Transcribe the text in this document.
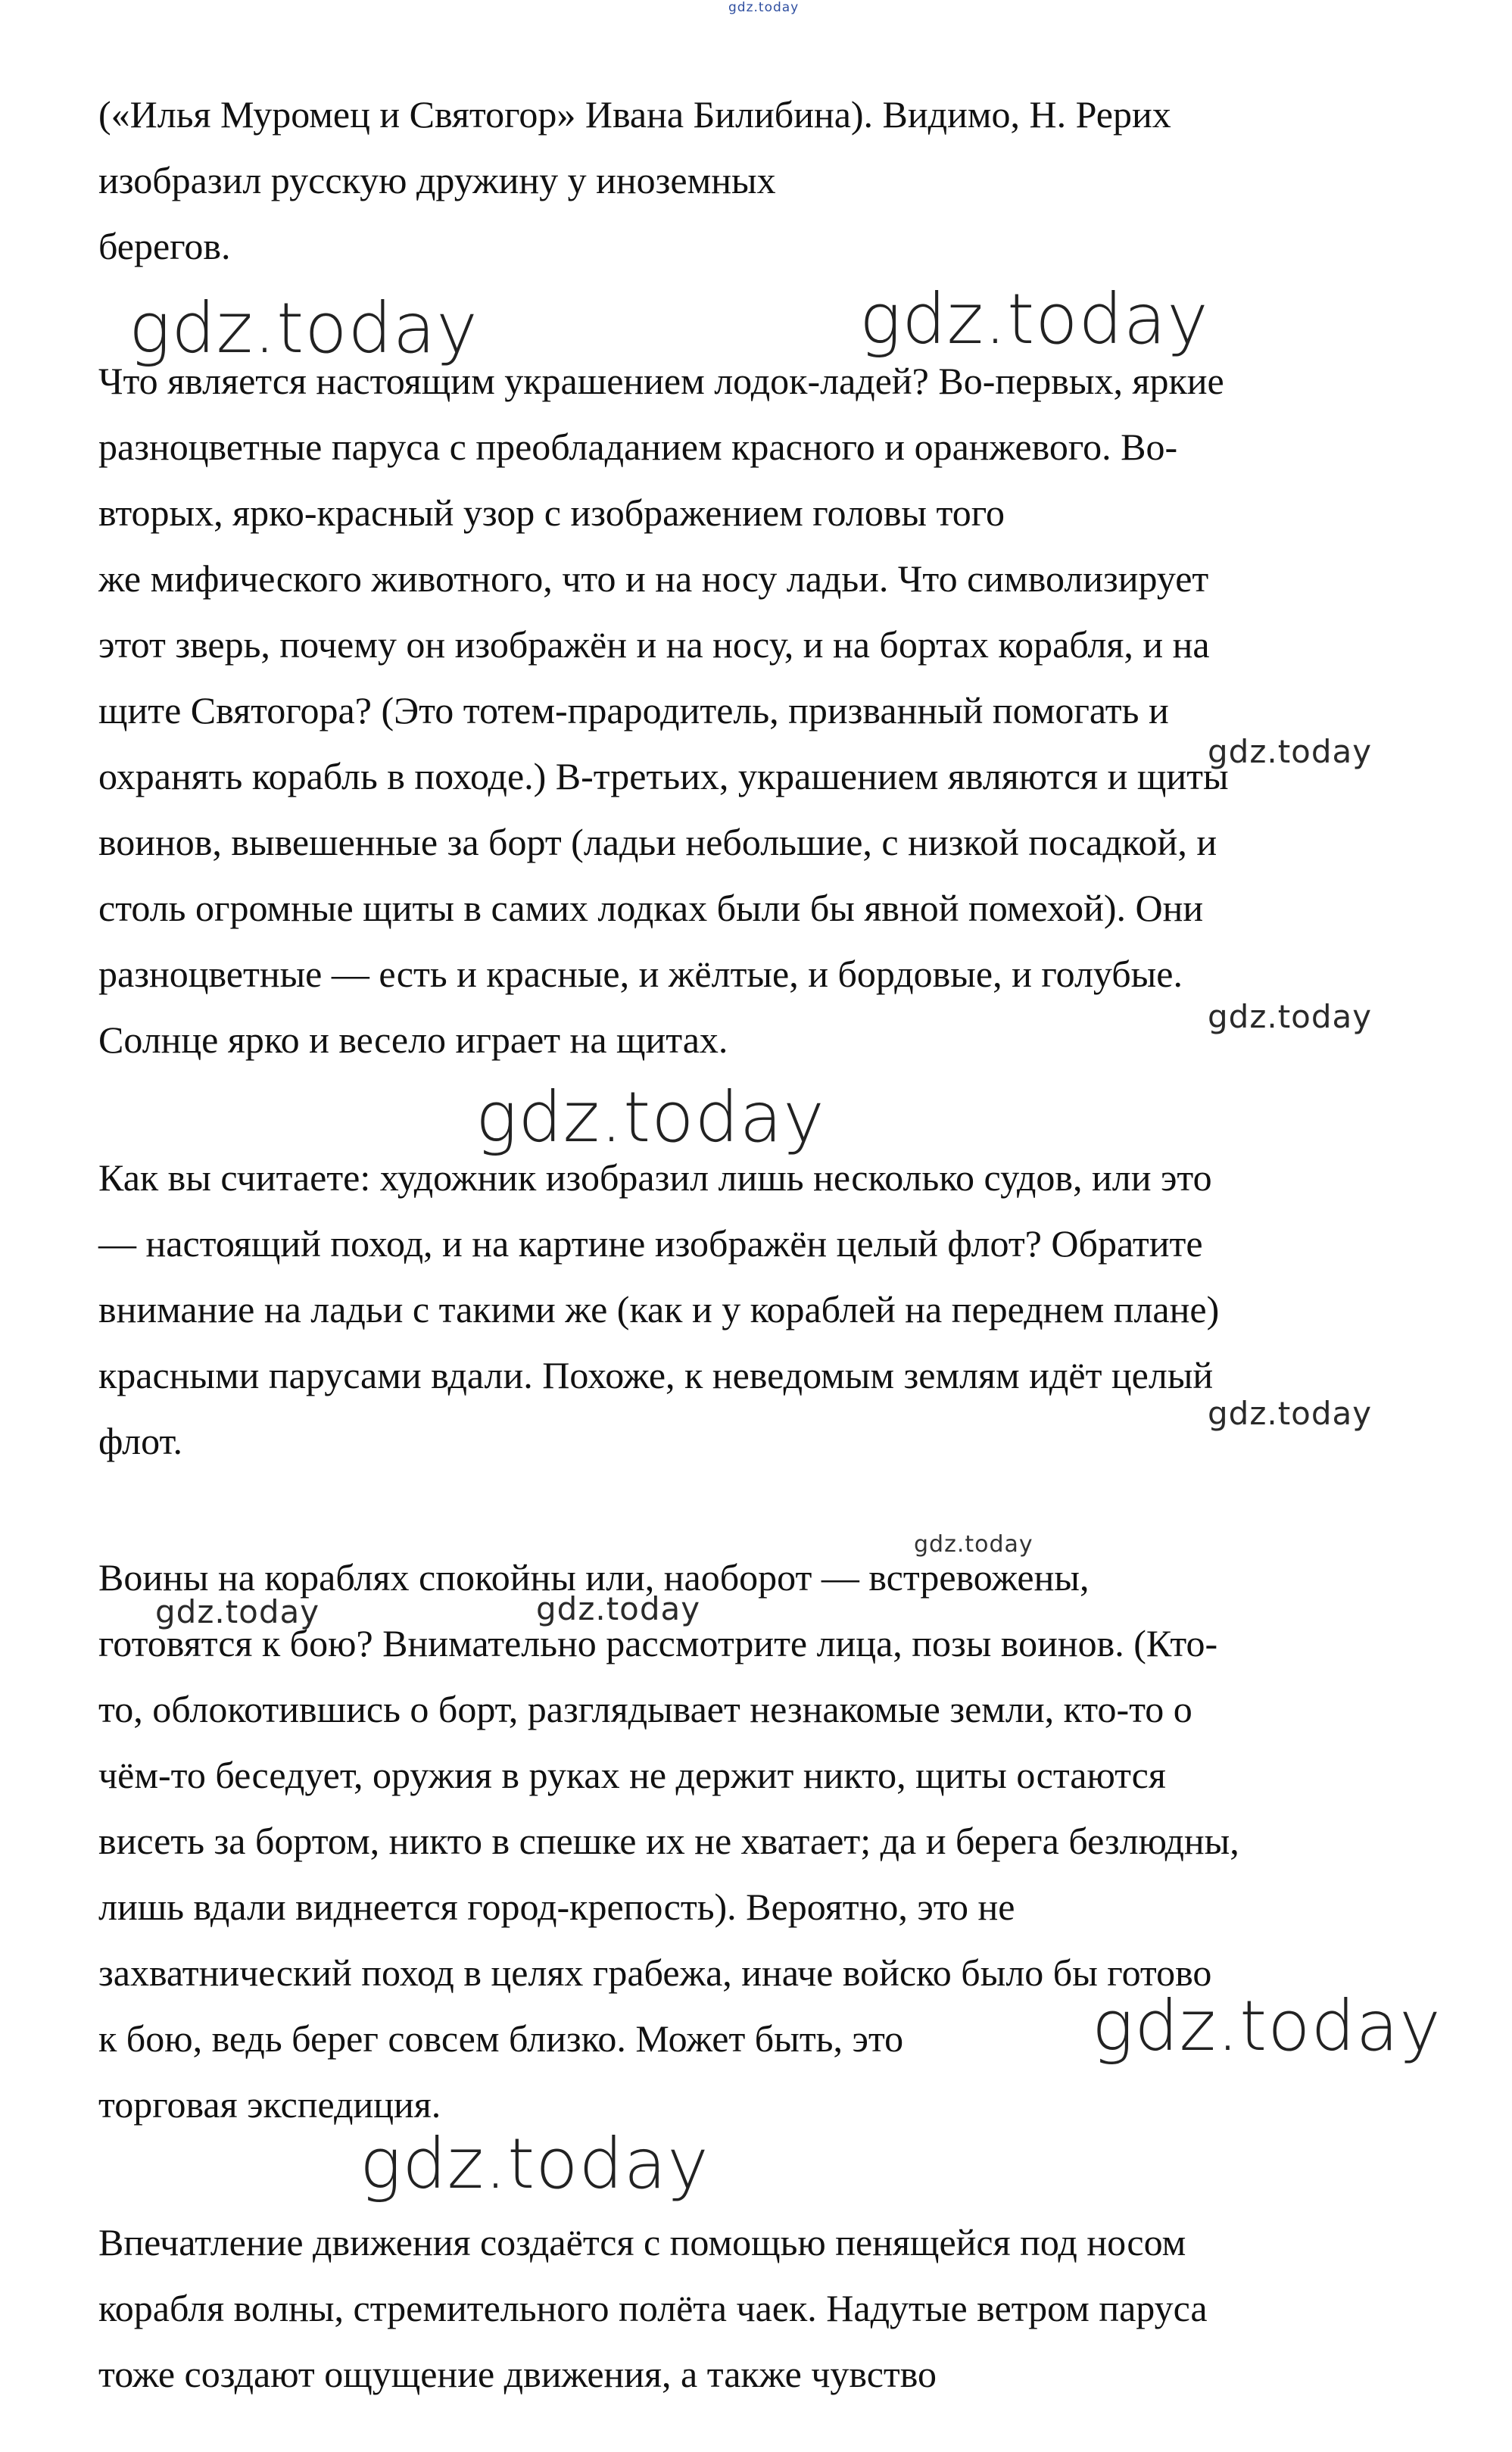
(«Илья Муромец и Святогор» Ивана Билибина). Видимо, Н. Рерих
изобразил русскую дружину у иноземных
берегов.

Что является настоящим украшением лодок-ладей? Во-первых, яркие
разноцветные паруса с преобладанием красного и оранжевого. Во-
вторых, ярко-красный узор с изображением головы того
же мифического животного, что и на носу ладьи. Что символизирует
этот зверь, почему он изображён и на носу, и на бортах корабля, и на
щите Святогора? (Это тотем-прародитель, призванный помогать и
охранять корабль в походе.) В-третьих, украшением являются и щиты
воинов, вывешенные за борт (ладьи небольшие, с низкой посадкой, и
столь огромные щиты в самих лодках были бы явной помехой). Они
разноцветные — есть и красные, и жёлтые, и бордовые, и голубые.
Солнце ярко и весело играет на щитах.

Как вы считаете: художник изобразил лишь несколько судов, или это
— настоящий поход, и на картине изображён целый флот? Обратите
внимание на ладьи с такими же (как и у кораблей на переднем плане)
красными парусами вдали. Похоже, к неведомым землям идёт целый
флот.

Воины на кораблях спокойны или, наоборот — встревожены,
готовятся к бою? Внимательно рассмотрите лица, позы воинов. (Кто-
то, облокотившись о борт, разглядывает незнакомые земли, кто-то о
чём-то беседует, оружия в руках не держит никто, щиты остаются
висеть за бортом, никто в спешке их не хватает; да и берега безлюдны,
лишь вдали виднеется город-крепость). Вероятно, это не
захватнический поход в целях грабежа, иначе войско было бы готово
к бою, ведь берег совсем близко. Может быть, это
торговая экспедиция.

Впечатление движения создаётся с помощью пенящейся под носом
корабля волны, стремительного полёта чаек. Надутые ветром паруса
тоже создают ощущение движения, а также чувство

gdz.today
gdz.today	gdz.today
gdz.today
gdz.today
gdz.today
gdz.today
gdz.today
gdz.today	gdz.today
gdz.today
gdz.today
